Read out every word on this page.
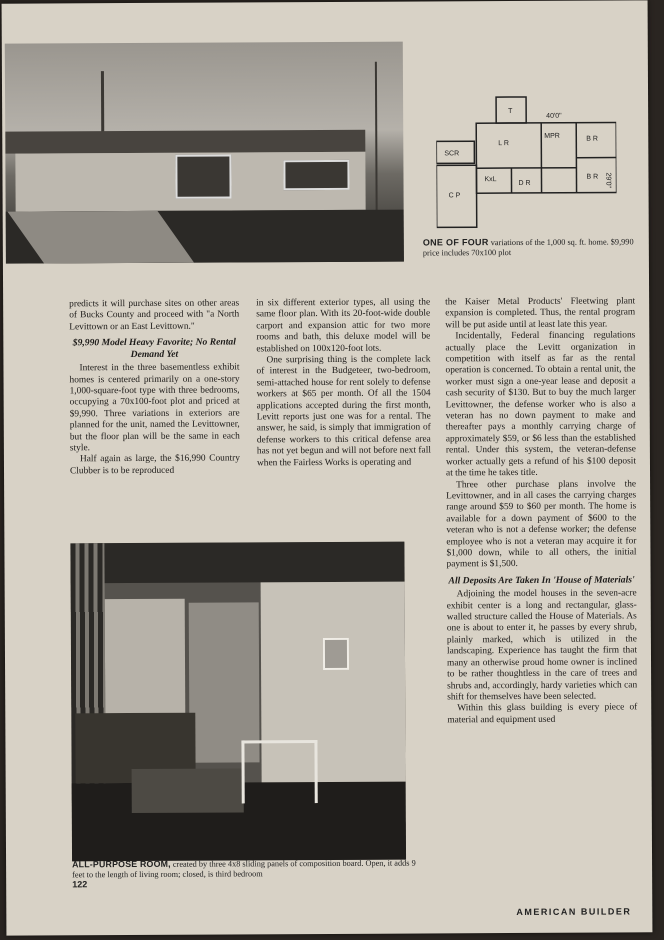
T
40'0"
L R
MPR	B R
SCR
KxL
D R
C P
B R 29'0"
ONE OF FOUR variations of the 1,000 sq. ft. home. $9,990 price includes 70x100 plot

predicts it will purchase sites on other areas of Bucks County and proceed with "a North Levittown or an East Levittown."

$9,990 Model Heavy Favorite; No Rental Demand Yet

Interest in the three basementless exhibit homes is centered primarily on a one-story 1,000-square-foot type with three bedrooms, occupying a 70x100-foot plot and priced at $9,990. Three variations in exteriors are planned for the unit, named the Levittowner, but the floor plan will be the same in each style.

Half again as large, the $16,990 Country Clubber is to be reproduced

in six different exterior types, all using the same floor plan. With its 20-foot-wide double carport and expansion attic for two more rooms and bath, this deluxe model will be established on 100x120-foot lots.

One surprising thing is the complete lack of interest in the Budgeteer, two-bedroom, semi-attached house for rent solely to defense workers at $65 per month. Of all the 1504 applications accepted during the first month, Levitt reports just one was for a rental. The answer, he said, is simply that immigration of defense workers to this critical defense area has not yet begun and will not before next fall when the Fairless Works is operating and

the Kaiser Metal Products' Fleetwing plant expansion is completed. Thus, the rental program will be put aside until at least late this year.

Incidentally, Federal financing regulations actually place the Levitt organization in competition with itself as far as the rental operation is concerned. To obtain a rental unit, the worker must sign a one-year lease and deposit a cash security of $130. But to buy the much larger Levittowner, the defense worker who is also a veteran has no down payment to make and thereafter pays a monthly carrying charge of approximately $59, or $6 less than the established rental. Under this system, the veteran-defense worker actually gets a refund of his $100 deposit at the time he takes title.

Three other purchase plans involve the Levittowner, and in all cases the carrying charges range around $59 to $60 per month. The home is available for a down payment of $600 to the veteran who is not a defense worker; the defense employee who is not a veteran may acquire it for $1,000 down, while to all others, the initial payment is $1,500.

All Deposits Are Taken In 'House of Materials'

Adjoining the model houses in the seven-acre exhibit center is a long and rectangular, glass-walled structure called the House of Materials. As one is about to enter it, he passes by every shrub, plainly marked, which is utilized in the landscaping. Experience has taught the firm that many an otherwise proud home owner is inclined to be rather thoughtless in the care of trees and shrubs and, accordingly, hardy varieties which can shift for themselves have been selected.

Within this glass building is every piece of material and equipment used

ALL-PURPOSE ROOM, created by three 4x8 sliding panels of composition board. Open, it adds 9 feet to the length of living room; closed, is third bedroom
122
AMERICAN BUILDER
